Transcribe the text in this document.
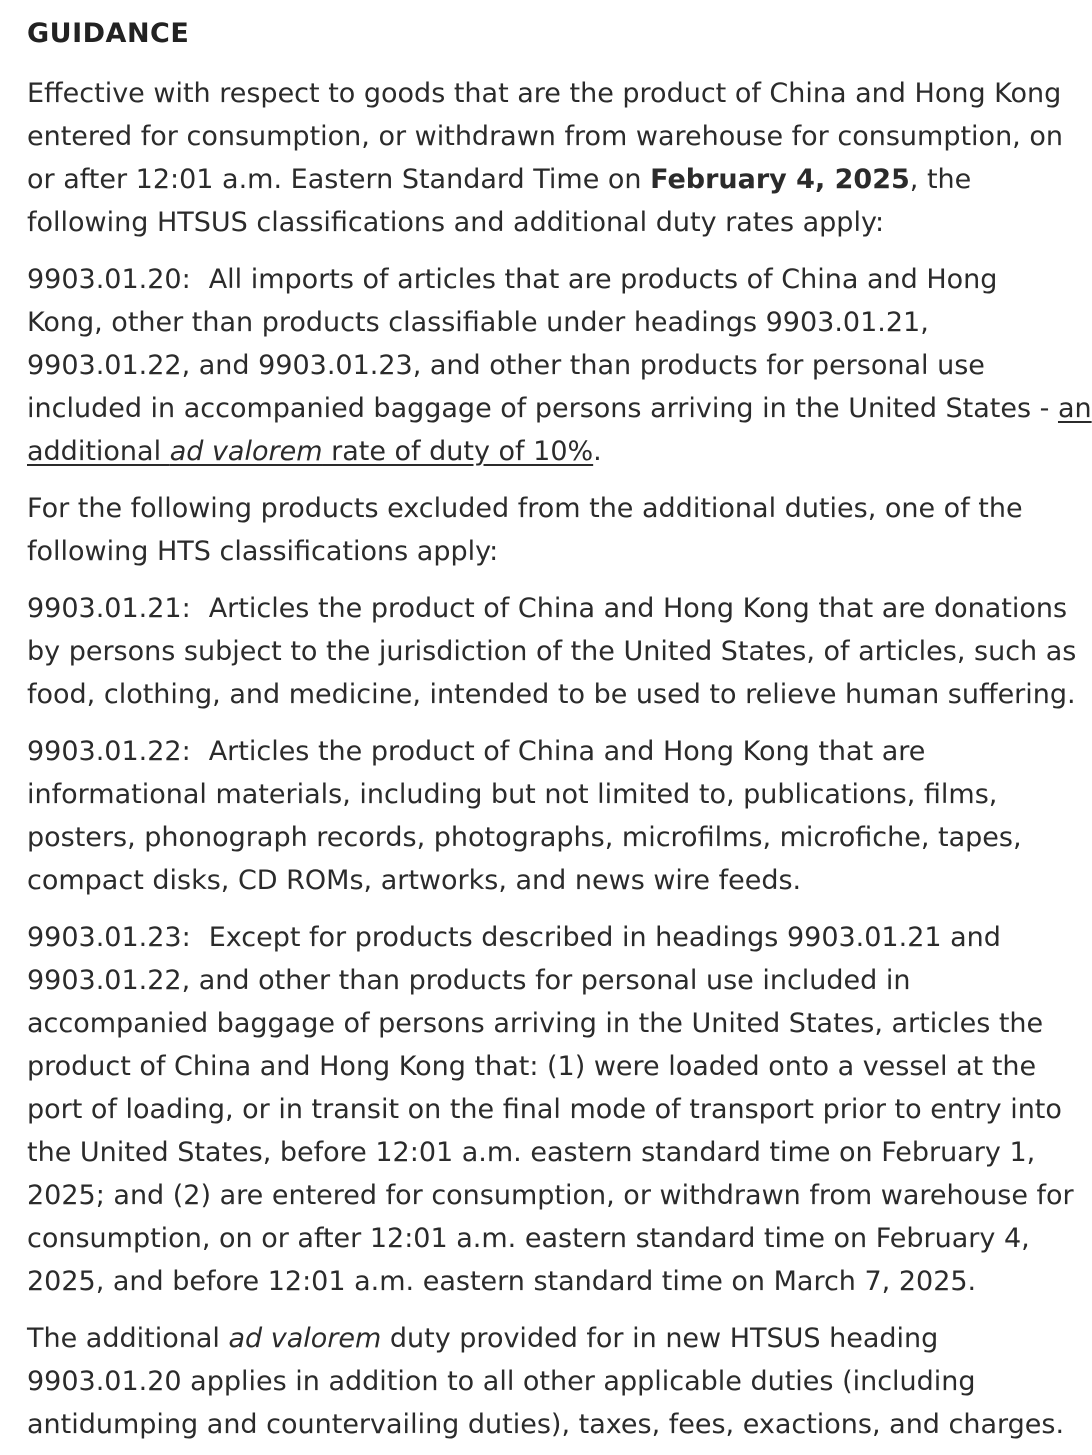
GUIDANCE
Effective with respect to goods that are the product of China and Hong Kong
entered for consumption, or withdrawn from warehouse for consumption, on
or after 12:01 a.m. Eastern Standard Time on February 4, 2025, the
following HTSUS classifications and additional duty rates apply:
9903.01.20: All imports of articles that are products of China and Hong
Kong, other than products classifiable under headings 9903.01.21,
9903.01.22, and 9903.01.23, and other than products for personal use
included in accompanied baggage of persons arriving in the United States - an
additional ad valorem rate of duty of 10%.
For the following products excluded from the additional duties, one of the
following HTS classifications apply:
9903.01.21: Articles the product of China and Hong Kong that are donations
by persons subject to the jurisdiction of the United States, of articles, such as
food, clothing, and medicine, intended to be used to relieve human suffering.
9903.01.22: Articles the product of China and Hong Kong that are
informational materials, including but not limited to, publications, films,
posters, phonograph records, photographs, microfilms, microfiche, tapes,
compact disks, CD ROMs, artworks, and news wire feeds.
9903.01.23: Except for products described in headings 9903.01.21 and
9903.01.22, and other than products for personal use included in
accompanied baggage of persons arriving in the United States, articles the
product of China and Hong Kong that: (1) were loaded onto a vessel at the
port of loading, or in transit on the final mode of transport prior to entry into
the United States, before 12:01 a.m. eastern standard time on February 1,
2025; and (2) are entered for consumption, or withdrawn from warehouse for
consumption, on or after 12:01 a.m. eastern standard time on February 4,
2025, and before 12:01 a.m. eastern standard time on March 7, 2025.
The additional ad valorem duty provided for in new HTSUS heading
9903.01.20 applies in addition to all other applicable duties (including
antidumping and countervailing duties), taxes, fees, exactions, and charges.
